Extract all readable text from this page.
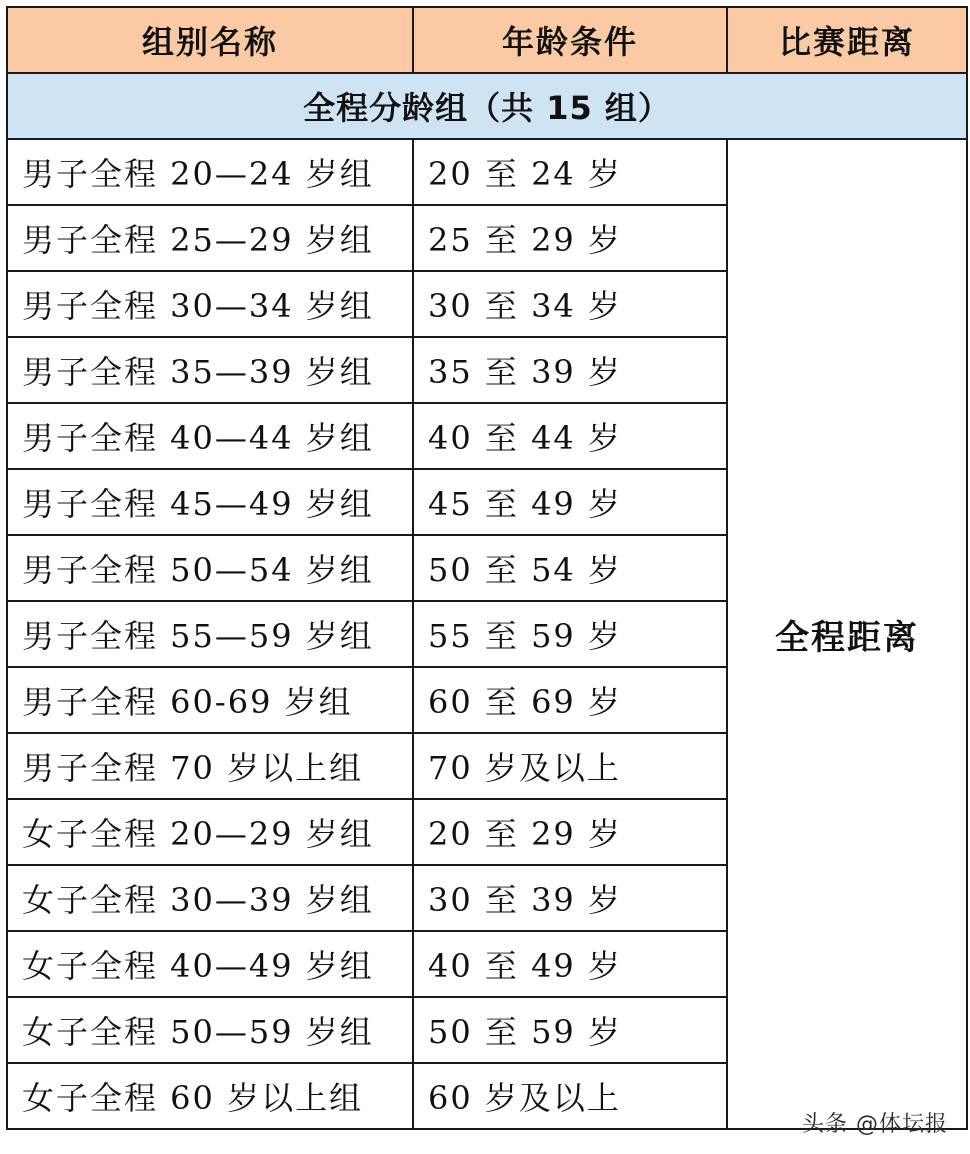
组别名称	年龄条件	比赛距离
全程分龄组（共 15 组）		
男子全程 20—24 岁组	20 至 24 岁	全程距离
男子全程 25—29 岁组	25 至 29 岁	
男子全程 30—34 岁组	30 至 34 岁	
男子全程 35—39 岁组	35 至 39 岁	
男子全程 40—44 岁组	40 至 44 岁	
男子全程 45—49 岁组	45 至 49 岁	
男子全程 50—54 岁组	50 至 54 岁	
男子全程 55—59 岁组	55 至 59 岁	
男子全程 60-69 岁组	60 至 69 岁	
男子全程 70 岁以上组	70 岁及以上	
女子全程 20—29 岁组	20 至 29 岁	
女子全程 30—39 岁组	30 至 39 岁	
女子全程 40—49 岁组	40 至 49 岁	
女子全程 50—59 岁组	50 至 59 岁	
女子全程 60 岁以上组	60 岁及以上	
头条 @体坛报
